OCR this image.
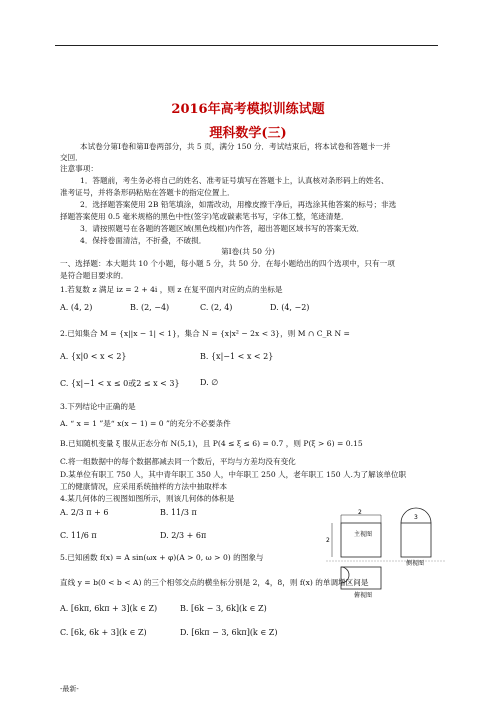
2016年高考模拟训练试题
理科数学(三)
本试卷分第Ⅰ卷和第Ⅱ卷两部分，共 5 页，满分 150 分．考试结束后，将本试卷和答题卡一并
交回．
注意事项：
1．答题前，考生务必将自己的姓名、准考证号填写在答题卡上，认真核对条形码上的姓名、
准考证号，并将条形码粘贴在答题卡的指定位置上．
2．选择题答案使用 2B 铅笔填涂，如需改动，用橡皮擦干净后，再选涂其他答案的标号；非选
择题答案使用 0.5 毫米规格的黑色中性(签字)笔或碳素笔书写，字体工整，笔迹清楚．
3．请按照题号在各题的答题区域(黑色线框)内作答，超出答题区域书写的答案无效．
4．保持卷面清洁，不折叠，不破损．
第Ⅰ卷(共 50 分)
一、选择题：本大题共 10 个小题，每小题 5 分，共 50 分．在每小题给出的四个选项中，只有一项
是符合题目要求的．
1.若复数 z 满足 iz = 2 + 4i ，则 z 在复平面内对应的点的坐标是
A. (4, 2)	B. (2, −4)	C. (2, 4)	D. (4, −2)
2.已知集合 M = {x||x − 1| < 1}，集合 N = {x|x² − 2x < 3}，则 M ∩ C_R N =
A. {x|0 < x < 2}	B. {x|−1 < x < 2}
C. {x|−1 < x ≤ 0或2 ≤ x < 3}	D. ∅
3.下列结论中正确的是
A. “ x = 1 ”是“ x(x − 1) = 0 ”的充分不必要条件
B.已知随机变量 ξ 服从正态分布 N(5,1)，且 P(4 ≤ ξ ≤ 6) = 0.7 ，则 P(ξ > 6) = 0.15
C.将一组数据中的每个数据都减去同一个数后，平均与方差均没有变化
D.某单位有职工 750 人，其中青年职工 350 人，中年职工 250 人，老年职工 150 人.为了解该单位职
工的健康情况，应采用系统抽样的方法中抽取样本
4.某几何体的三视图如图所示，则该几何体的体积是
A. 2/3 π + 6	B. 11/3 π
C. 11/6 π	D. 2/3 + 6π	主视图
侧视图
俯视图
2
2
3
5.已知函数 f(x) = A sin(ωx + φ)(A > 0, ω > 0) 的图象与
直线 y = b(0 < b < A) 的三个相邻交点的横坐标分别是 2，4，8，则 f(x) 的单调增区间是
A. [6kπ, 6kπ + 3](k ∈ Z)	B. [6k − 3, 6k](k ∈ Z)
C. [6k, 6k + 3](k ∈ Z)	D. [6kπ − 3, 6kπ](k ∈ Z)
-最新-
